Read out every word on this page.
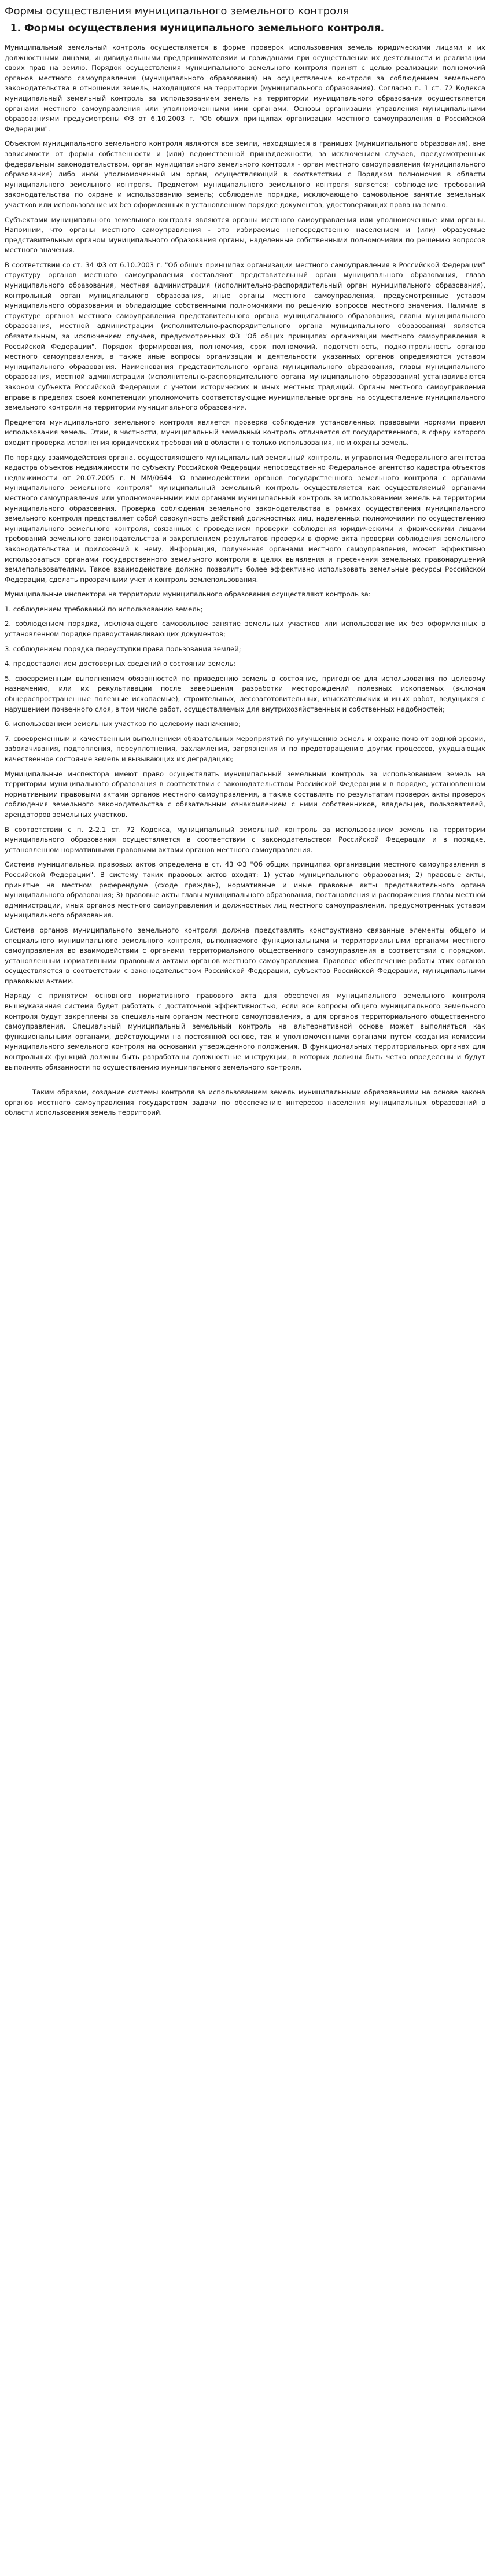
Формы осуществления муниципального земельного контроля
1. Формы осуществления муниципального земельного контроля.

Муниципальный земельный контроль осуществляется в форме проверок использования земель юридическими лицами и их должностными лицами, индивидуальными предпринимателями и гражданами при осуществлении их деятельности и реализации своих прав на землю. Порядок осуществления муниципального земельного контроля принят с целью реализации полномочий органов местного самоуправления (муниципального образования) на осуществление контроля за соблюдением земельного законодательства в отношении земель, находящихся на территории (муниципального образования). Согласно п. 1 ст. 72 Кодекса муниципальный земельный контроль за использованием земель на территории муниципального образования осуществляется органами местного самоуправления или уполномоченными ими органами. Основы организации управления муниципальными образованиями предусмотрены ФЗ от 6.10.2003 г. "Об общих принципах организации местного самоуправления в Российской Федерации".

Объектом муниципального земельного контроля являются все земли, находящиеся в границах (муниципального образования), вне зависимости от формы собственности и (или) ведомственной принадлежности, за исключением случаев, предусмотренных федеральным законодательством, орган муниципального земельного контроля - орган местного самоуправления (муниципального образования) либо иной уполномоченный им орган, осуществляющий в соответствии с Порядком полномочия в области муниципального земельного контроля. Предметом муниципального земельного контроля является: соблюдение требований законодательства по охране и использованию земель; соблюдение порядка, исключающего самовольное занятие земельных участков или использование их без оформленных в установленном порядке документов, удостоверяющих права на землю.

Субъектами муниципального земельного контроля являются органы местного самоуправления или уполномоченные ими органы. Напомним, что органы местного самоуправления - это избираемые непосредственно населением и (или) образуемые представительным органом муниципального образования органы, наделенные собственными полномочиями по решению вопросов местного значения.

В соответствии со ст. 34 ФЗ от 6.10.2003 г. "Об общих принципах организации местного самоуправления в Российской Федерации" структуру органов местного самоуправления составляют представительный орган муниципального образования, глава муниципального образования, местная администрация (исполнительно-распорядительный орган муниципального образования), контрольный орган муниципального образования, иные органы местного самоуправления, предусмотренные уставом муниципального образования и обладающие собственными полномочиями по решению вопросов местного значения. Наличие в структуре органов местного самоуправления представительного органа муниципального образования, главы муниципального образования, местной администрации (исполнительно-распорядительного органа муниципального образования) является обязательным, за исключением случаев, предусмотренных ФЗ "Об общих принципах организации местного самоуправления в Российской Федерации". Порядок формирования, полномочия, срок полномочий, подотчетность, подконтрольность органов местного самоуправления, а также иные вопросы организации и деятельности указанных органов определяются уставом муниципального образования. Наименования представительного органа муниципального образования, главы муниципального образования, местной администрации (исполнительно-распорядительного органа муниципального образования) устанавливаются законом субъекта Российской Федерации с учетом исторических и иных местных традиций. Органы местного самоуправления вправе в пределах своей компетенции уполномочить соответствующие муниципальные органы на осуществление муниципального земельного контроля на территории муниципального образования.

Предметом муниципального земельного контроля является проверка соблюдения установленных правовыми нормами правил использования земель. Этим, в частности, муниципальный земельный контроль отличается от государственного, в сферу которого входит проверка исполнения юридических требований в области не только использования, но и охраны земель.

По порядку взаимодействия органа, осуществляющего муниципальный земельный контроль, и управления Федерального агентства кадастра объектов недвижимости по субъекту Российской Федерации непосредственно Федеральное агентство кадастра объектов недвижимости от 20.07.2005 г. N ММ/0644 "О взаимодействии органов государственного земельного контроля с органами муниципального земельного контроля" муниципальный земельный контроль осуществляется как осуществляемый органами местного самоуправления или уполномоченными ими органами муниципальный контроль за использованием земель на территории муниципального образования. Проверка соблюдения земельного законодательства в рамках осуществления муниципального земельного контроля представляет собой совокупность действий должностных лиц, наделенных полномочиями по осуществлению муниципального земельного контроля, связанных с проведением проверки соблюдения юридическими и физическими лицами требований земельного законодательства и закреплением результатов проверки в форме акта проверки соблюдения земельного законодательства и приложений к нему. Информация, полученная органами местного самоуправления, может эффективно использоваться органами государственного земельного контроля в целях выявления и пресечения земельных правонарушений землепользователями. Такое взаимодействие должно позволить более эффективно использовать земельные ресурсы Российской Федерации, сделать прозрачными учет и контроль землепользования.

Муниципальные инспектора на территории муниципального образования осуществляют контроль за:

1. соблюдением требований по использованию земель;

2. соблюдением порядка, исключающего самовольное занятие земельных участков или использование их без оформленных в установленном порядке правоустанавливающих документов;

3. соблюдением порядка переуступки права пользования землей;

4. предоставлением достоверных сведений о состоянии земель;

5. своевременным выполнением обязанностей по приведению земель в состояние, пригодное для использования по целевому назначению, или их рекультивации после завершения разработки месторождений полезных ископаемых (включая общераспространенные полезные ископаемые), строительных, лесозаготовительных, изыскательских и иных работ, ведущихся с нарушением почвенного слоя, в том числе работ, осуществляемых для внутрихозяйственных и собственных надобностей;

6. использованием земельных участков по целевому назначению;

7. своевременным и качественным выполнением обязательных мероприятий по улучшению земель и охране почв от водной эрозии, заболачивания, подтопления, переуплотнения, захламления, загрязнения и по предотвращению других процессов, ухудшающих качественное состояние земель и вызывающих их деградацию;

Муниципальные инспектора имеют право осуществлять муниципальный земельный контроль за использованием земель на территории муниципального образования в соответствии с законодательством Российской Федерации и в порядке, установленном нормативными правовыми актами органов местного самоуправления, а также составлять по результатам проверок акты проверок соблюдения земельного законодательства с обязательным ознакомлением с ними собственников, владельцев, пользователей, арендаторов земельных участков.

В соответствии с п. 2-2.1 ст. 72 Кодекса, муниципальный земельный контроль за использованием земель на территории муниципального образования осуществляется в соответствии с законодательством Российской Федерации и в порядке, установленном нормативными правовыми актами органов местного самоуправления.

Система муниципальных правовых актов определена в ст. 43 ФЗ "Об общих принципах организации местного самоуправления в Российской Федерации". В систему таких правовых актов входят: 1) устав муниципального образования; 2) правовые акты, принятые на местном референдуме (сходе граждан), нормативные и иные правовые акты представительного органа муниципального образования; 3) правовые акты главы муниципального образования, постановления и распоряжения главы местной администрации, иных органов местного самоуправления и должностных лиц местного самоуправления, предусмотренных уставом муниципального образования.

Система органов муниципального земельного контроля должна представлять конструктивно связанные элементы общего и специального муниципального земельного контроля, выполняемого функциональными и территориальными органами местного самоуправления во взаимодействии с органами территориального общественного самоуправления в соответствии с порядком, установленным нормативными правовыми актами органов местного самоуправления. Правовое обеспечение работы этих органов осуществляется в соответствии с законодательством Российской Федерации, субъектов Российской Федерации, муниципальными правовыми актами.

Наряду с принятием основного нормативного правового акта для обеспечения муниципального земельного контроля вышеуказанная система будет работать с достаточной эффективностью, если все вопросы общего муниципального земельного контроля будут закреплены за специальным органом местного самоуправления, а для органов территориального общественного самоуправления. Специальный муниципальный земельный контроль на альтернативной основе может выполняться как функциональными органами, действующими на постоянной основе, так и уполномоченными органами путем создания комиссии муниципального земельного контроля на основании утвержденного положения. В функциональных территориальных органах для контрольных функций должны быть разработаны должностные инструкции, в которых должны быть четко определены и будут выполнять обязанности по осуществлению муниципального земельного контроля.

Таким образом, создание системы контроля за использованием земель муниципальными образованиями на основе закона органов местного самоуправления государством задачи по обеспечению интересов населения муниципальных образований в области использования земель территорий.
